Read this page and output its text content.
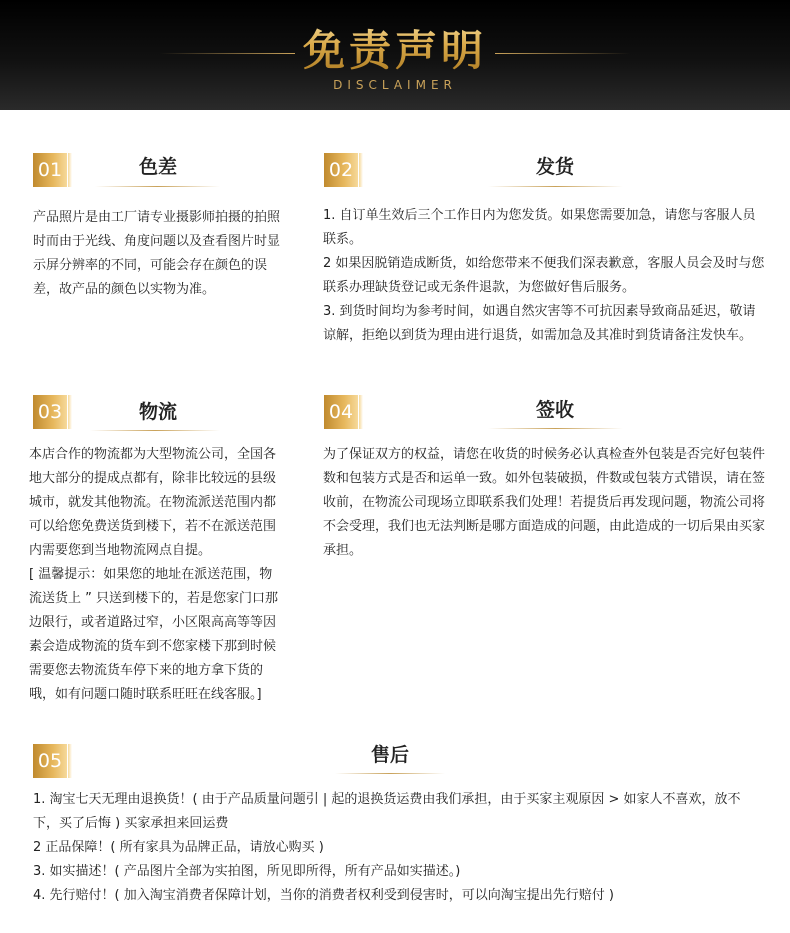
免责声明
DISCLAIMER
01	色差

产品照片是由工厂请专业摄影师拍摄的拍照时而由于光线、角度问题以及查看图片时显示屏分辨率的不同，可能会存在颜色的误差，故产品的颜色以实物为准。

02	发货

1. 自订单生效后三个工作日内为您发货。如果您需要加急，请您与客服人员联系。

2 如果因脱销造成断货，如给您带来不便我们深表歉意，客服人员会及时与您联系办理缺货登记或无条件退款，为您做好售后服务。

3. 到货时间均为参考时间，如遇自然灾害等不可抗因素导致商品延迟，敬请谅解，拒绝以到货为理由进行退货，如需加急及其准时到货请备注发快车。

03	物流

本店合作的物流都为大型物流公司，全国各地大部分的提成点都有，除非比较远的县级城市，就发其他物流。在物流派送范围内都可以给您免费送货到楼下，若不在派送范围内需要您到当地物流网点自提。

[ 温馨提示：如果您的地址在派送范围，物流送货上 ” 只送到楼下的，若是您家门口那边限行，或者道路过窄，小区限高高等等因素会造成物流的货车到不您家楼下那到时候需要您去物流货车停下来的地方拿下货的哦，如有问题口随时联系旺旺在线客服。]

04	签收

为了保证双方的权益，请您在收货的时候务必认真检查外包装是否完好包装件数和包装方式是否和运单一致。如外包装破损，件数或包装方式错误，请在签收前，在物流公司现场立即联系我们处理！若提货后再发现问题，物流公司将不会受理，我们也无法判断是哪方面造成的问题，由此造成的一切后果由买家承担。

05	售后

1. 淘宝七天无理由退换货！( 由于产品质量问题引 | 起的退换货运费由我们承担，由于买家主观原因 > 如家人不喜欢，放不下，买了后悔 ) 买家承担来回运费

2 正品保障！( 所有家具为品牌正品，请放心购买 )

3. 如实描述！( 产品图片全部为实拍图，所见即所得，所有产品如实描述。)

4. 先行赔付！( 加入淘宝消费者保障计划，当你的消费者权利受到侵害时，可以向淘宝提出先行赔付 )
